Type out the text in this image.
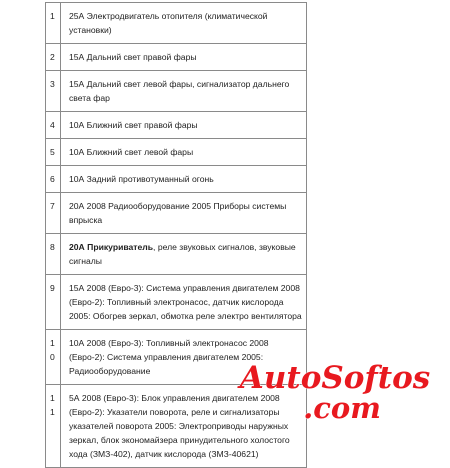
1	25А Электродвигатель отопителя (климатической установки)
2	15А Дальний свет правой фары
3	15А Дальний свет левой фары, сигнализатор дальнего света фар
4	10А Ближний свет правой фары
5	10А Ближний свет левой фары
6	10А Задний противотуманный огонь
7	20А 2008 Радиооборудование 2005 Приборы системы впрыска
8	20А Прикуриватель, реле звуковых сигналов, звуковые сигналы
9	15А 2008 (Евро-3): Система управления двигателем 2008 (Евро-2): Топливный электронасос, датчик кислорода 2005: Обогрев зеркал, обмотка реле электро вентилятора
10	10А 2008 (Евро-3): Топливный электронасос 2008 (Евро-2): Система управления двигателем 2005: Радиооборудование
11	5А 2008 (Евро-3): Блок управления двигателем 2008 (Евро-2): Указатели поворота, реле и сигнализаторы указателей поворота 2005: Электроприводы наружных зеркал, блок экономайзера принудительного холостого хода (ЗМЗ-402), датчик кислорода (ЗМЗ-40621)
AutoSoftos
.com
